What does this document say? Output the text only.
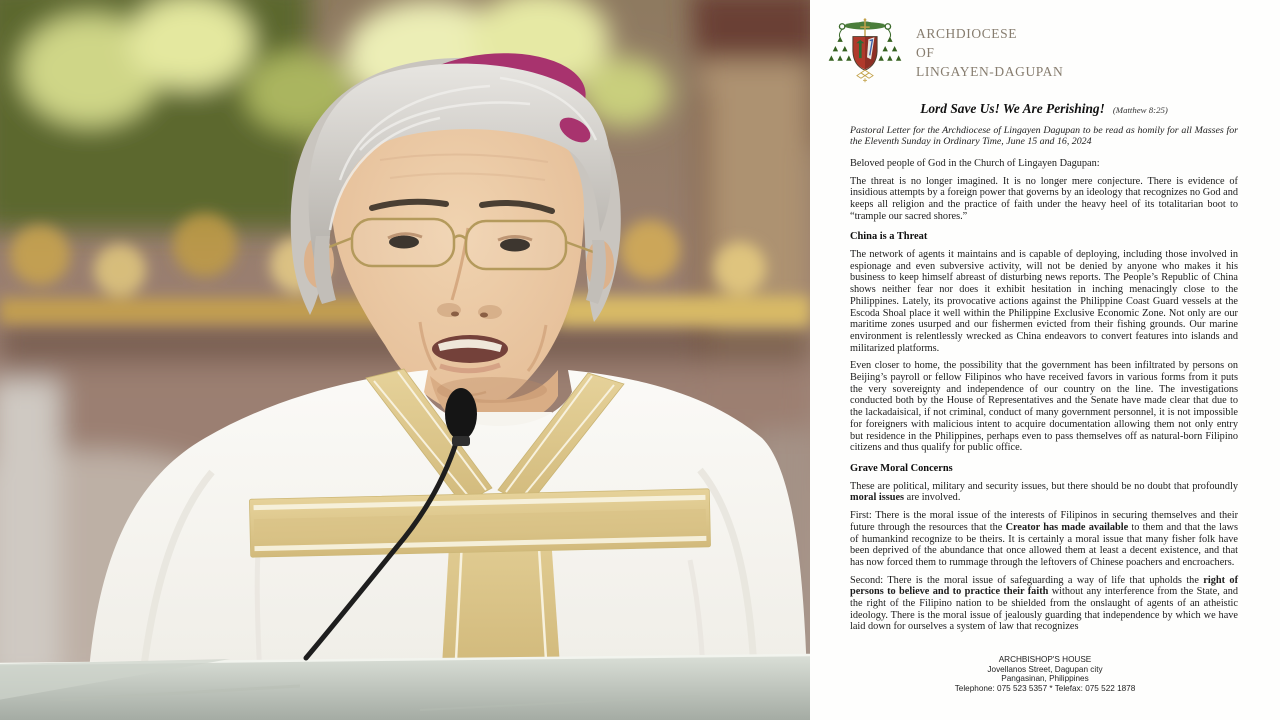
ARCHDIOCESE
OF
LINGAYEN-DAGUPAN
Lord Save Us! We Are Perishing! (Matthew 8:25)
Pastoral Letter for the Archdiocese of Lingayen Dagupan to be read as homily for all Masses for the Eleventh Sunday in Ordinary Time, June 15 and 16, 2024
Beloved people of God in the Church of Lingayen Dagupan:

The threat is no longer imagined. It is no longer mere conjecture. There is evidence of insidious attempts by a foreign power that governs by an ideology that recognizes no God and keeps all religion and the practice of faith under the heavy heel of its totalitarian boot to “trample our sacred shores.”

China is a Threat

The network of agents it maintains and is capable of deploying, including those involved in espionage and even subversive activity, will not be denied by anyone who makes it his business to keep himself abreast of disturbing news reports. The People’s Republic of China shows neither fear nor does it exhibit hesitation in inching menacingly close to the Philippines. Lately, its provocative actions against the Philippine Coast Guard vessels at the Escoda Shoal place it well within the Philippine Exclusive Economic Zone. Not only are our maritime zones usurped and our fishermen evicted from their fishing grounds. Our marine environment is relentlessly wrecked as China endeavors to convert features into islands and militarized platforms.

Even closer to home, the possibility that the government has been infiltrated by persons on Beijing’s payroll or fellow Filipinos who have received favors in various forms from it puts the very sovereignty and independence of our country on the line. The investigations conducted both by the House of Representatives and the Senate have made clear that due to the lackadaisical, if not criminal, conduct of many government personnel, it is not impossible for foreigners with malicious intent to acquire documentation allowing them not only entry but residence in the Philippines, perhaps even to pass themselves off as natural-born Filipino citizens and thus qualify for public office.

Grave Moral Concerns

These are political, military and security issues, but there should be no doubt that profoundly moral issues are involved.

First: There is the moral issue of the interests of Filipinos in securing themselves and their future through the resources that the Creator has made available to them and that the laws of humankind recognize to be theirs. It is certainly a moral issue that many fisher folk have been deprived of the abundance that once allowed them at least a decent existence, and that has now forced them to rummage through the leftovers of Chinese poachers and encroachers.

Second: There is the moral issue of safeguarding a way of life that upholds the right of persons to believe and to practice their faith without any interference from the State, and the right of the Filipino nation to be shielded from the onslaught of agents of an atheistic ideology. There is the moral issue of jealously guarding that independence by which we have laid down for ourselves a system of law that recognizes

ARCHBISHOP'S HOUSE
Jovellanos Street, Dagupan city
Pangasinan, Philippines
Telephone: 075 523 5357 * Telefax: 075 522 1878
